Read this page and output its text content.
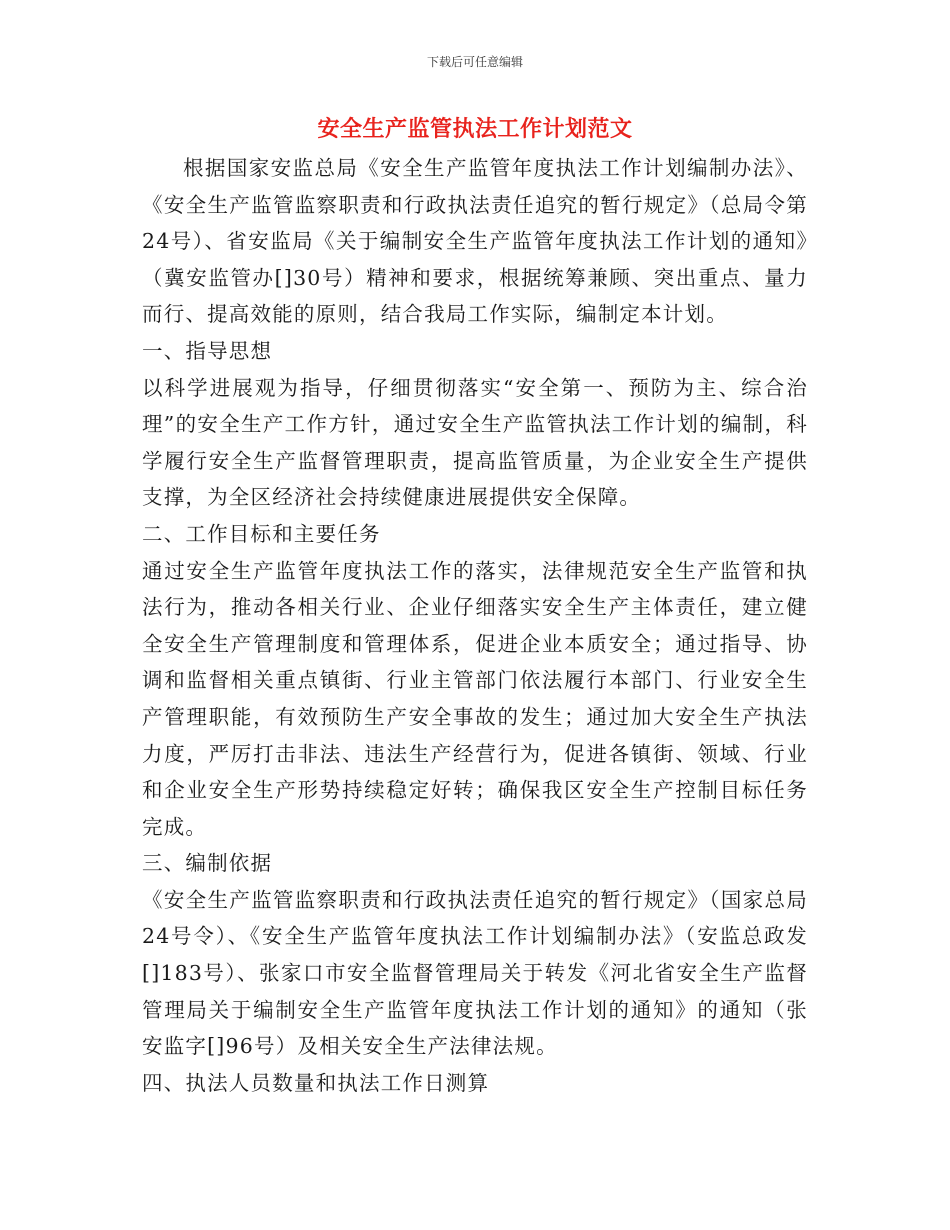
下载后可任意编辑
安全生产监管执法工作计划范文

根据国家安监总局《安全生产监管年度执法工作计划编制办法》、《安全生产监管监察职责和行政执法责任追究的暂行规定》（总局令第24号）、省安监局《关于编制安全生产监管年度执法工作计划的通知》（冀安监管办[]30号）精神和要求，根据统筹兼顾、突出重点、量力而行、提高效能的原则，结合我局工作实际，编制定本计划。

一、指导思想

以科学进展观为指导，仔细贯彻落实“安全第一、预防为主、综合治理”的安全生产工作方针，通过安全生产监管执法工作计划的编制，科学履行安全生产监督管理职责，提高监管质量，为企业安全生产提供支撑，为全区经济社会持续健康进展提供安全保障。

二、工作目标和主要任务

通过安全生产监管年度执法工作的落实，法律规范安全生产监管和执法行为，推动各相关行业、企业仔细落实安全生产主体责任，建立健全安全生产管理制度和管理体系，促进企业本质安全；通过指导、协调和监督相关重点镇街、行业主管部门依法履行本部门、行业安全生产管理职能，有效预防生产安全事故的发生；通过加大安全生产执法力度，严厉打击非法、违法生产经营行为，促进各镇街、领域、行业和企业安全生产形势持续稳定好转；确保我区安全生产控制目标任务完成。

三、编制依据

《安全生产监管监察职责和行政执法责任追究的暂行规定》（国家总局24号令）、《安全生产监管年度执法工作计划编制办法》（安监总政发[]183号）、张家口市安全监督管理局关于转发《河北省安全生产监督管理局关于编制安全生产监管年度执法工作计划的通知》的通知（张安监字[]96号）及相关安全生产法律法规。

四、执法人员数量和执法工作日测算
